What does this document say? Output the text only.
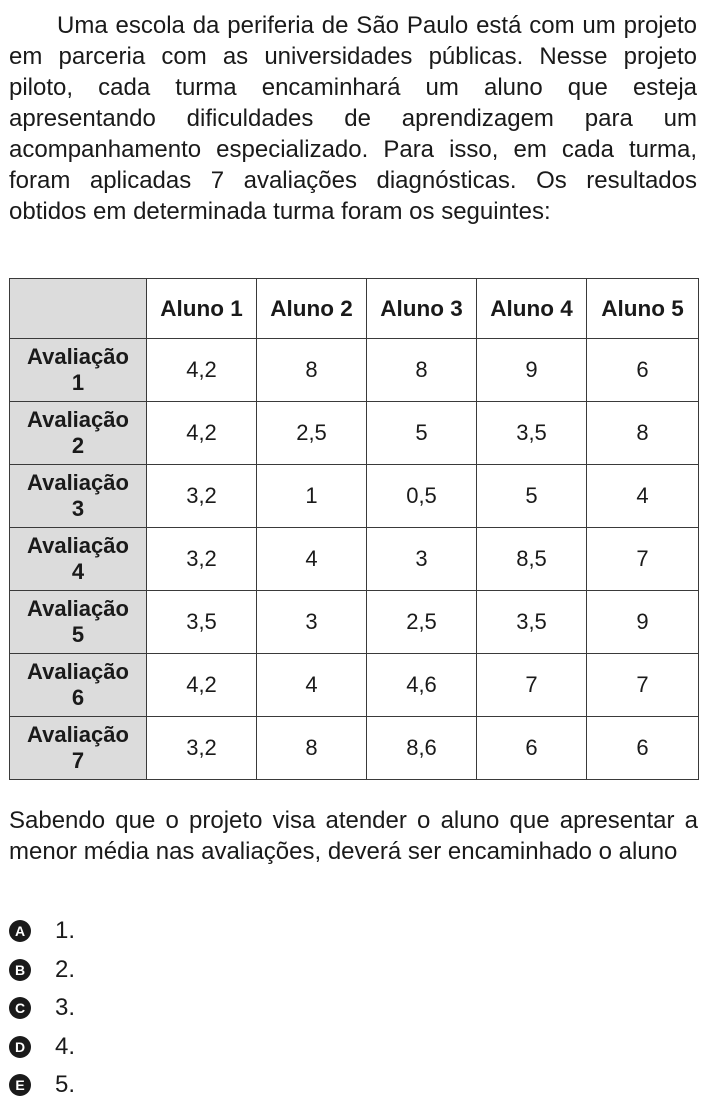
Uma escola da periferia de São Paulo está com um projeto em parceria com as universidades públicas. Nesse projeto piloto, cada turma encaminhará um aluno que esteja apresentando dificuldades de aprendizagem para um acompanhamento especializado. Para isso, em cada turma, foram aplicadas 7 avaliações diagnósticas. Os resultados obtidos em determinada turma foram os seguintes:

	Aluno 1	Aluno 2	Aluno 3	Aluno 4	Aluno 5
Avaliação
1	4,2	8	8	9	6
Avaliação
2	4,2	2,5	5	3,5	8
Avaliação
3	3,2	1	0,5	5	4
Avaliação
4	3,2	4	3	8,5	7
Avaliação
5	3,5	3	2,5	3,5	9
Avaliação
6	4,2	4	4,6	7	7
Avaliação
7	3,2	8	8,6	6	6

Sabendo que o projeto visa atender o aluno que apresentar a menor média nas avaliações, deverá ser encaminhado o aluno

A 1.
B 2.
C 3.
D 4.
E 5.
